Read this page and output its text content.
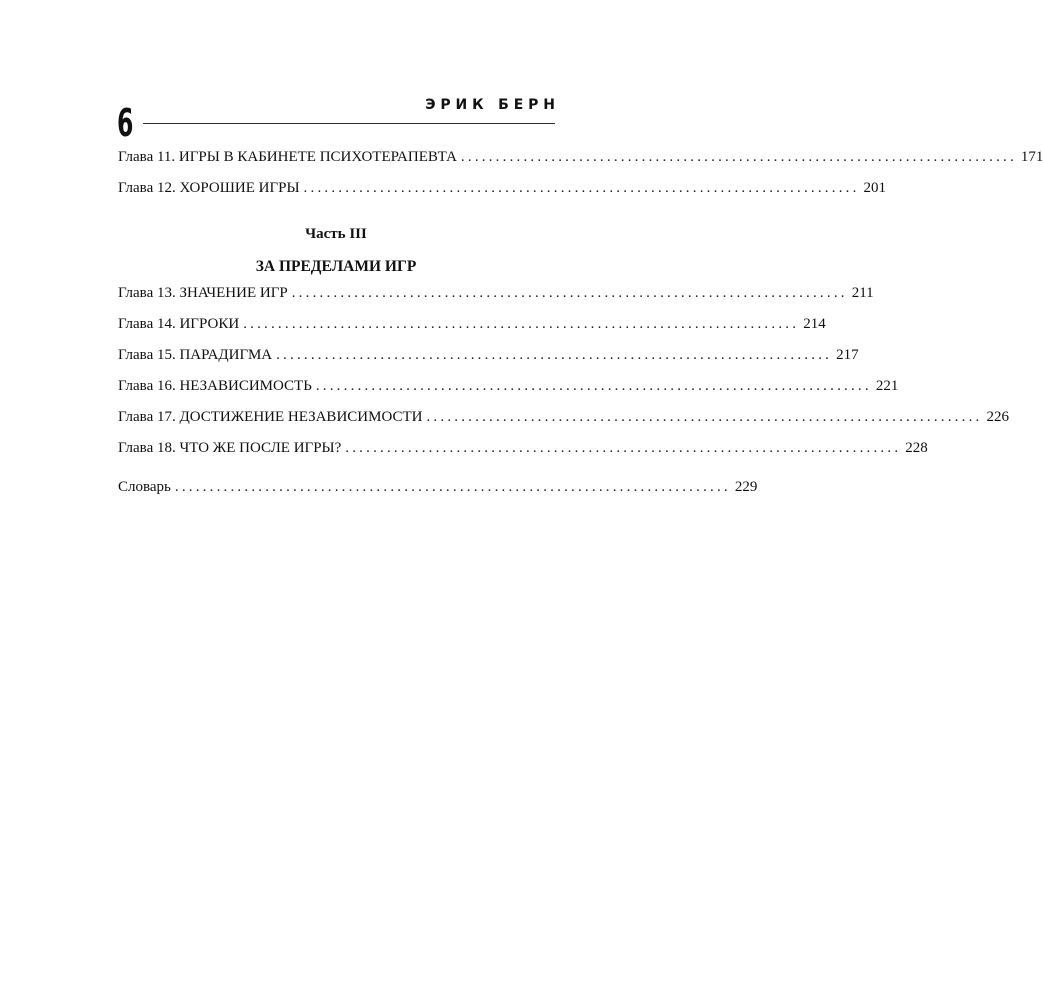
6	Э Р И К   Б Е Р Н
Глава 11. ИГРЫ В КАБИНЕТЕ ПСИХОТЕРАПЕВТА ................................................................................ 171
Глава 12. ХОРОШИЕ ИГРЫ ................................................................................ 201
Часть III
ЗА ПРЕДЕЛАМИ ИГР
Глава 13. ЗНАЧЕНИЕ ИГР ................................................................................ 211
Глава 14. ИГРОКИ ................................................................................ 214
Глава 15. ПАРАДИГМА ................................................................................ 217
Глава 16. НЕЗАВИСИМОСТЬ ................................................................................ 221
Глава 17. ДОСТИЖЕНИЕ НЕЗАВИСИМОСТИ ................................................................................ 226
Глава 18. ЧТО ЖЕ ПОСЛЕ ИГРЫ? ................................................................................ 228
Словарь ................................................................................ 229
